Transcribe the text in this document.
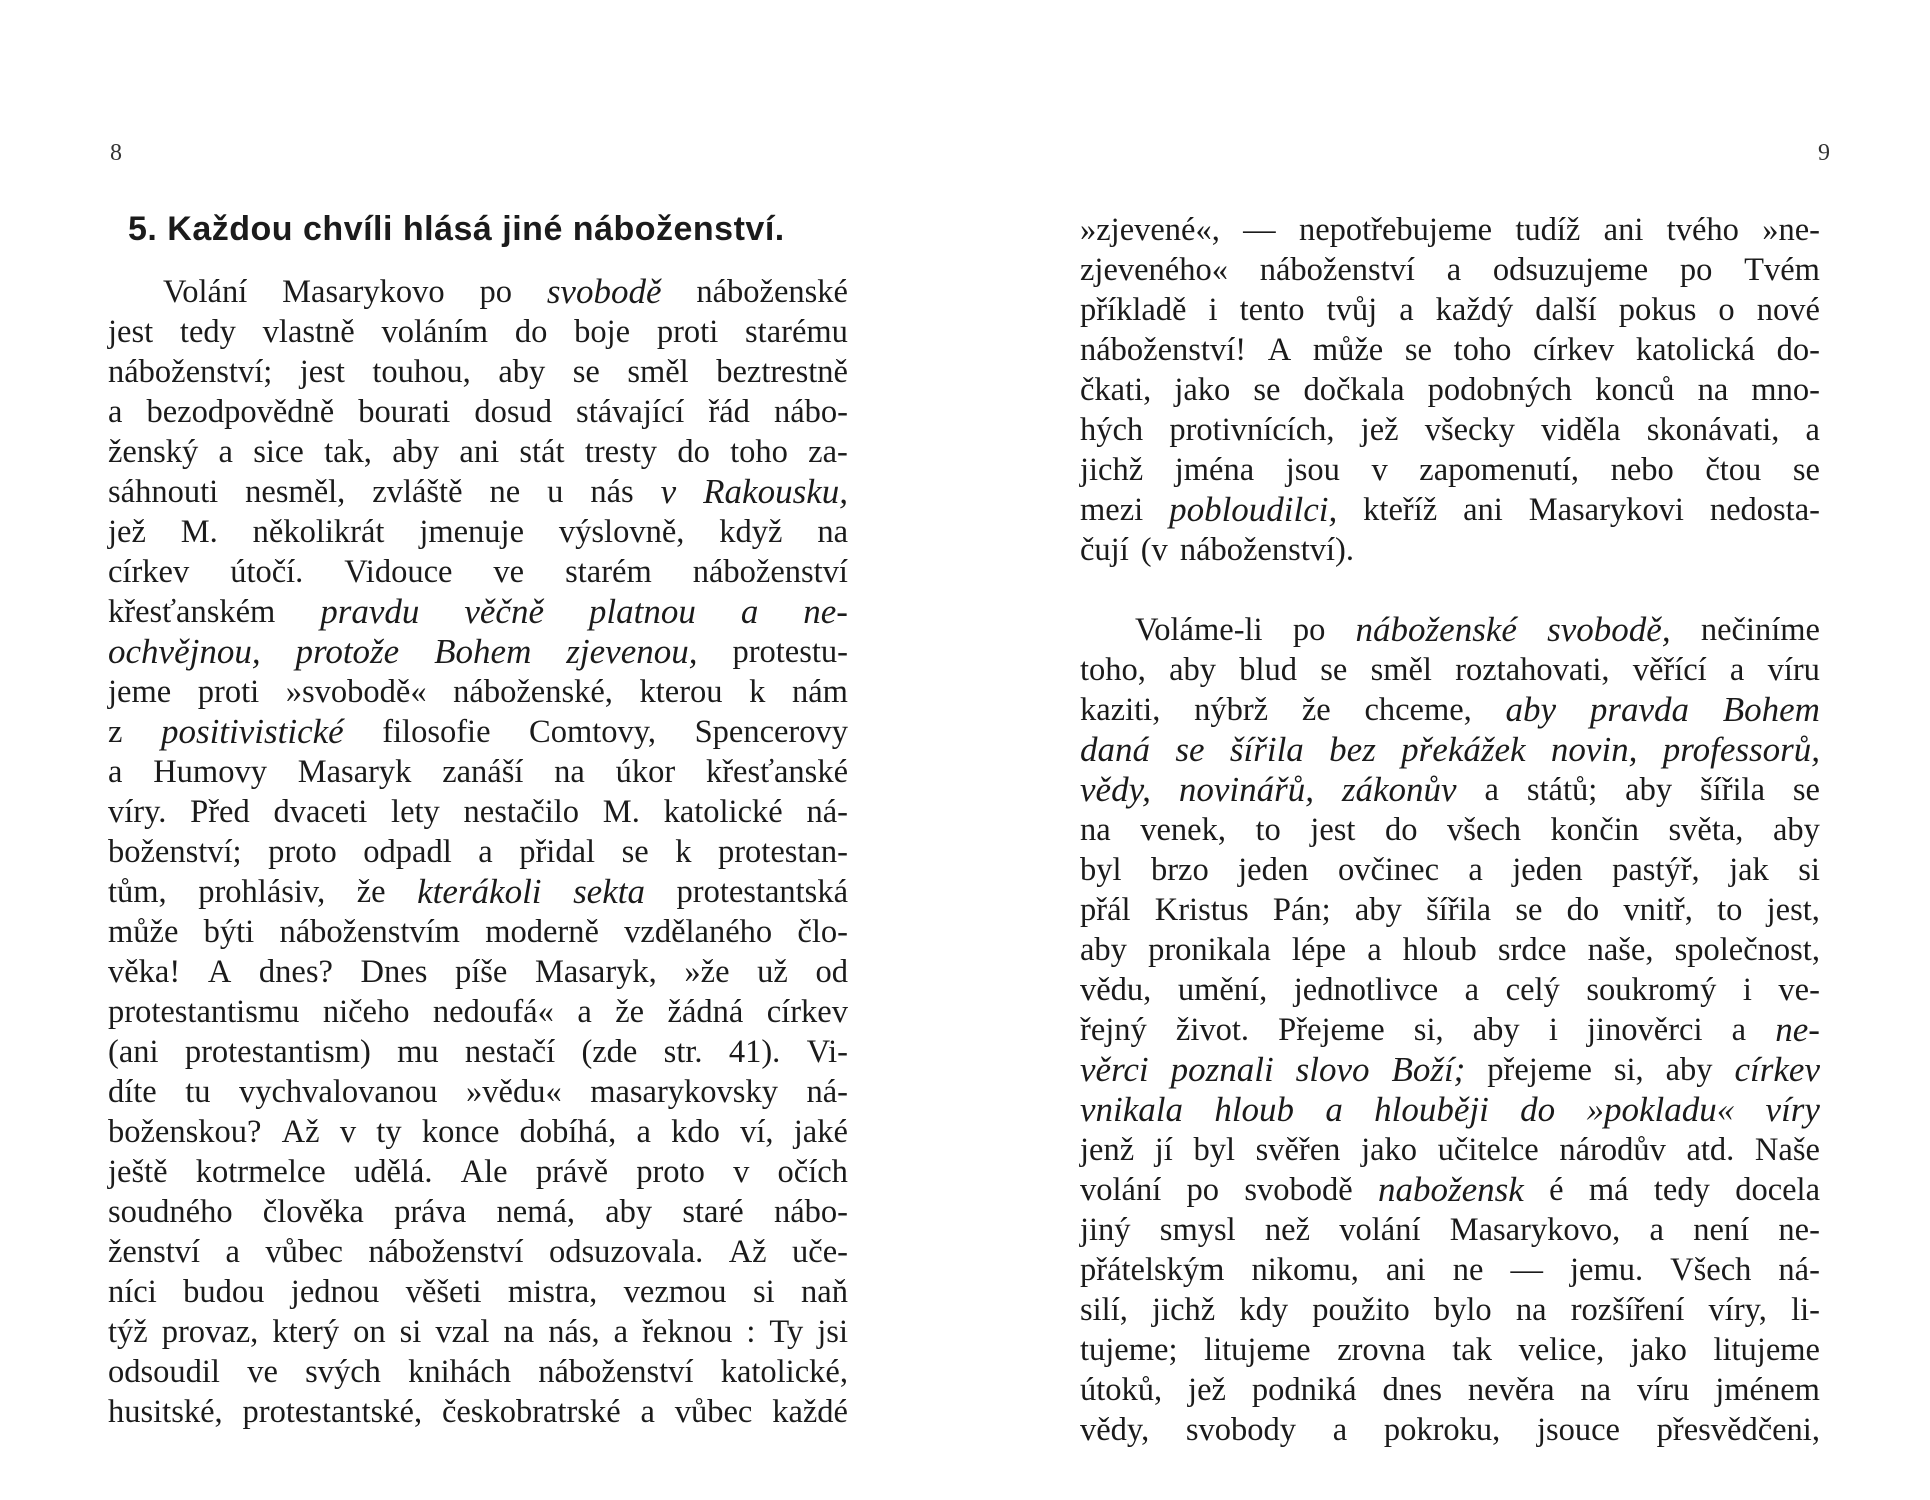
8	9
5. Každou chvíli hlásá jiné náboženství.
Volání Masarykovo po svobodě náboženské
jest tedy vlastně voláním do boje proti starému
náboženství; jest touhou, aby se směl beztrestně
a bezodpovědně bourati dosud stávající řád nábo-
ženský a sice tak, aby ani stát tresty do toho za-
sáhnouti nesměl, zvláště ne u nás v Rakousku,
jež M. několikrát jmenuje výslovně, když na
církev útočí. Vidouce ve starém náboženství
křesťanském pravdu věčně platnou a ne-
ochvějnou, protože Bohem zjevenou, protestu-
jeme proti »svobodě« náboženské, kterou k nám
z positivistické filosofie Comtovy, Spencerovy
a Humovy Masaryk zanáší na úkor křesťanské
víry. Před dvaceti lety nestačilo M. katolické ná-
boženství; proto odpadl a přidal se k protestan-
tům, prohlásiv, že kterákoli sekta protestantská
může býti náboženstvím moderně vzdělaného člo-
věka! A dnes? Dnes píše Masaryk, »že už od
protestantismu ničeho nedoufá« a že žádná církev
(ani protestantism) mu nestačí (zde str. 41). Vi-
díte tu vychvalovanou »vědu« masarykovsky ná-
boženskou? Až v ty konce dobíhá, a kdo ví, jaké
ještě kotrmelce udělá. Ale právě proto v očích
soudného člověka práva nemá, aby staré nábo-
ženství a vůbec náboženství odsuzovala. Až uče-
níci budou jednou věšeti mistra, vezmou si naň
týž provaz, který on si vzal na nás, a řeknou : Ty jsi
odsoudil ve svých knihách náboženství katolické,
husitské, protestantské, českobratrské a vůbec každé
»zjevené«, — nepotřebujeme tudíž ani tvého »ne-
zjeveného« náboženství a odsuzujeme po Tvém
příkladě i tento tvůj a každý další pokus o nové
náboženství! A může se toho církev katolická do-
čkati, jako se dočkala podobných konců na mno-
hých protivnících, jež všecky viděla skonávati, a
jichž jména jsou v zapomenutí, nebo čtou se
mezi pobloudilci, kteříž ani Masarykovi nedosta-
čují (v náboženství).
Voláme-li po náboženské svobodě, nečiníme
toho, aby blud se směl roztahovati, věřící a víru
kaziti, nýbrž že chceme, aby pravda Bohem
daná se šířila bez překážek novin, professorů,
vědy, novinářů, zákonův a států; aby šířila se
na venek, to jest do všech končin světa, aby
byl brzo jeden ovčinec a jeden pastýř, jak si
přál Kristus Pán; aby šířila se do vnitř, to jest,
aby pronikala lépe a hloub srdce naše, společnost,
vědu, umění, jednotlivce a celý soukromý i ve-
řejný život. Přejeme si, aby i jinověrci a ne-
věrci poznali slovo Boží; přejeme si, aby církev
vnikala hloub a hlouběji do »pokladu« víry
jenž jí byl svěřen jako učitelce národův atd. Naše
volání po svobodě nabožensk é má tedy docela
jiný smysl než volání Masarykovo, a není ne-
přátelským nikomu, ani ne — jemu. Všech ná-
silí, jichž kdy použito bylo na rozšíření víry, li-
tujeme; litujeme zrovna tak velice, jako litujeme
útoků, jež podniká dnes nevěra na víru jménem
vědy, svobody a pokroku, jsouce přesvědčeni,
